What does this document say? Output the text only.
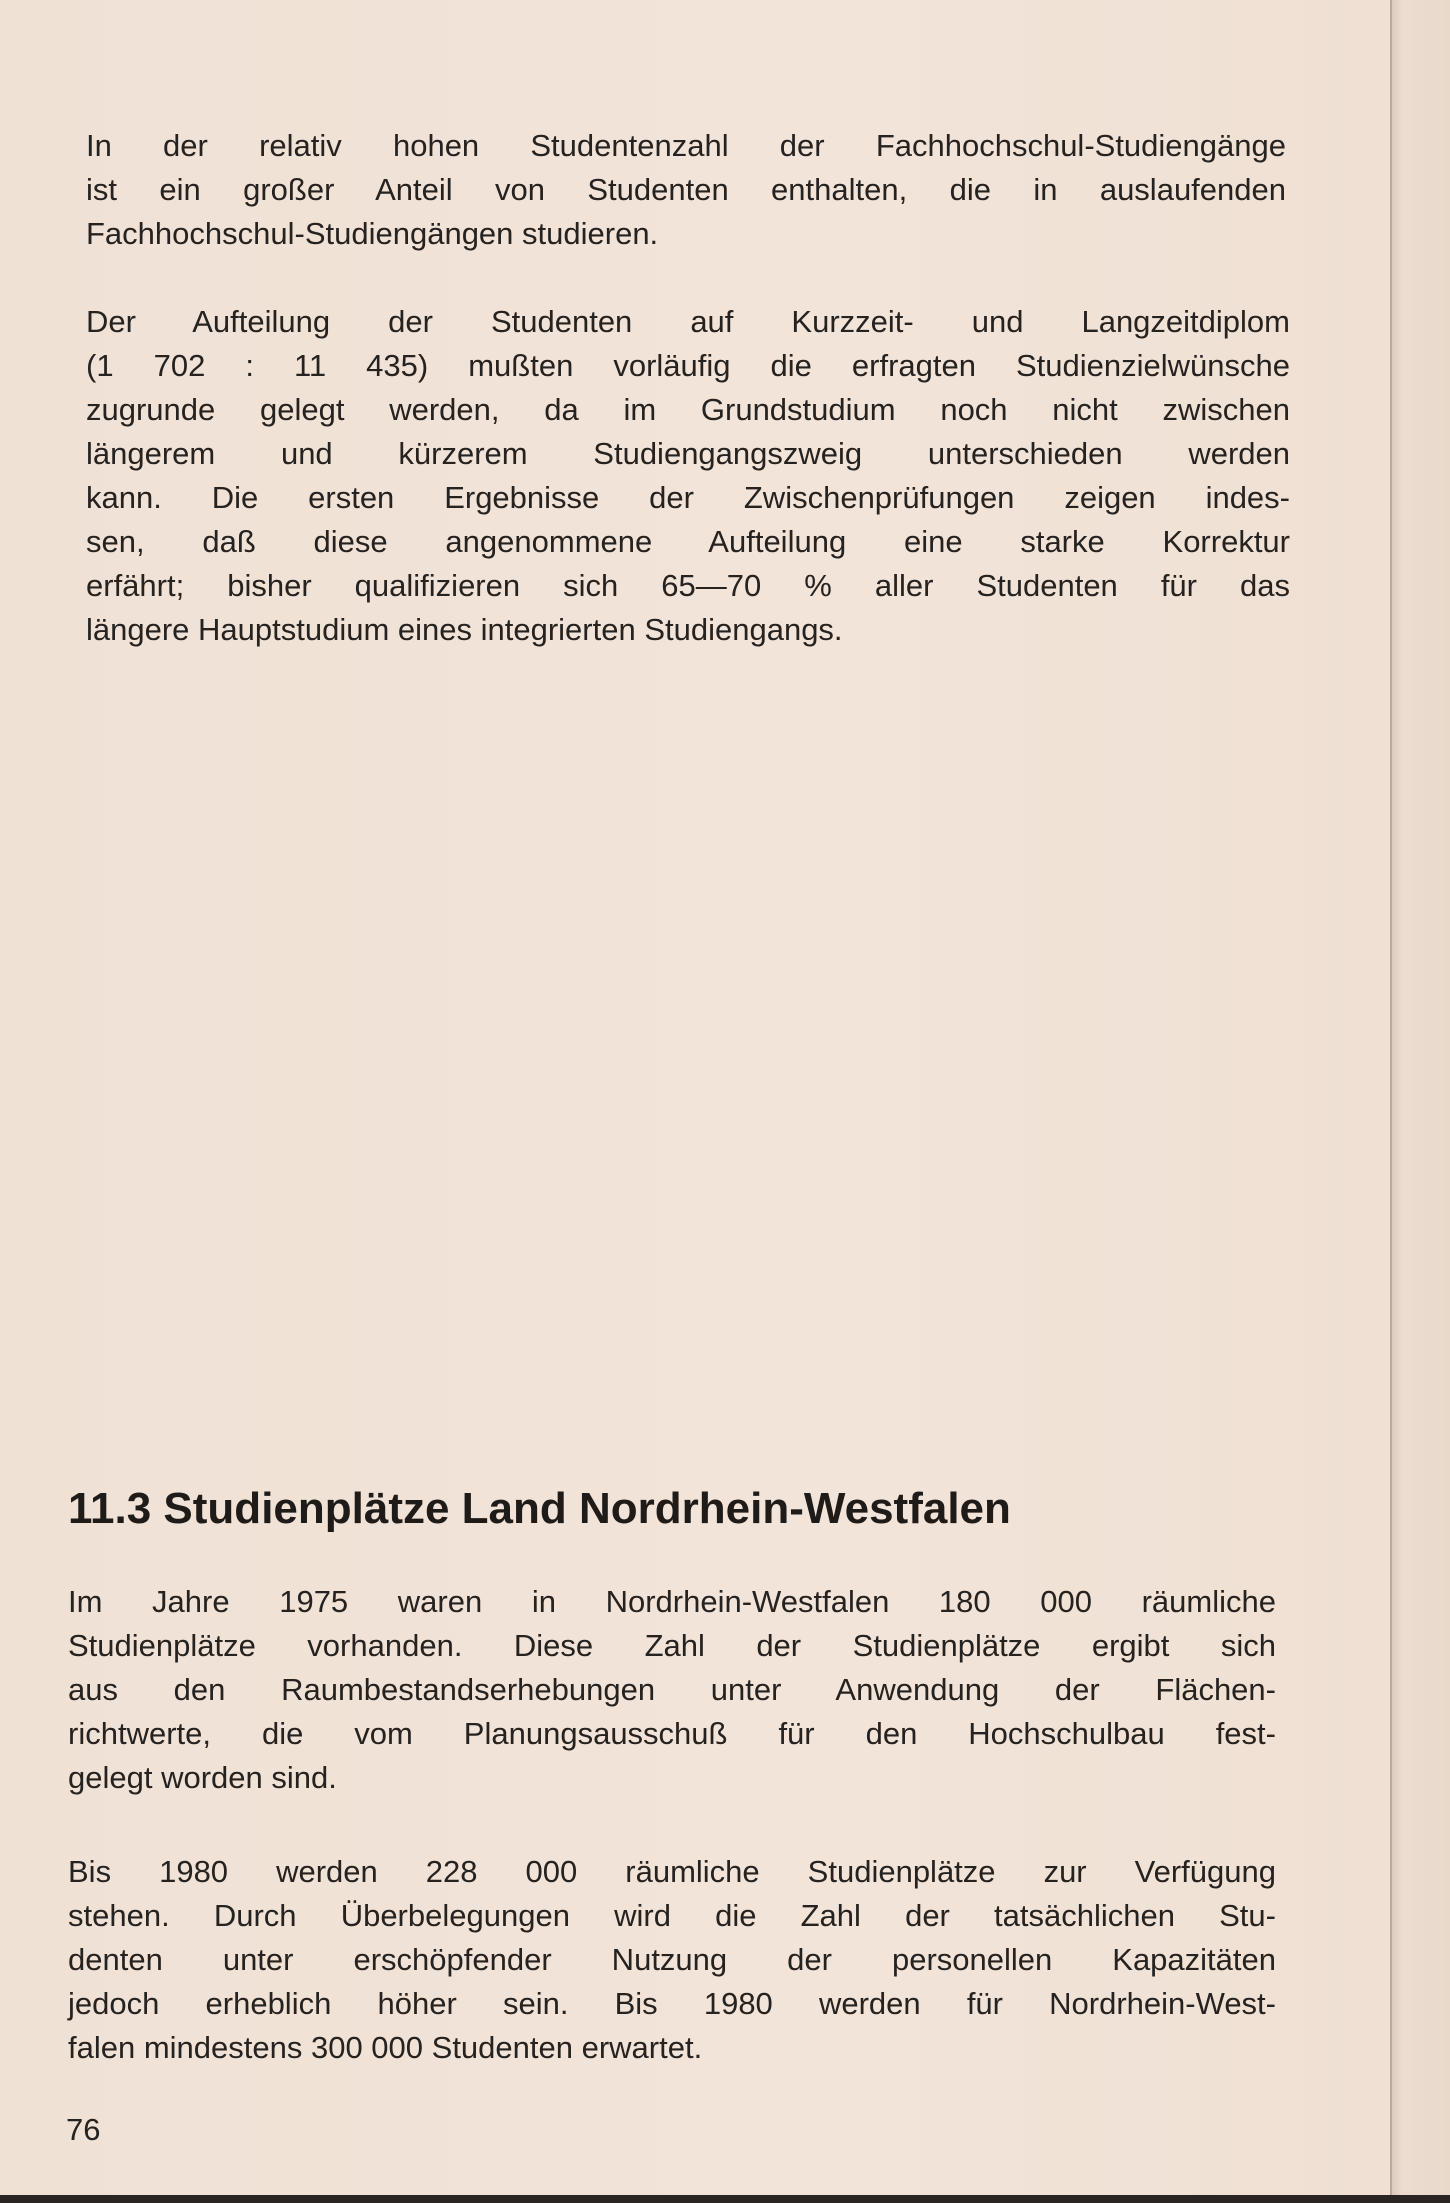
In der relativ hohen Studentenzahl der Fachhochschul-Studiengänge
ist ein großer Anteil von Studenten enthalten, die in auslaufenden
Fachhochschul-Studiengängen studieren.

Der Aufteilung der Studenten auf Kurzzeit- und Langzeitdiplom
(1 702 : 11 435) mußten vorläufig die erfragten Studienzielwünsche
zugrunde gelegt werden, da im Grundstudium noch nicht zwischen
längerem und kürzerem Studiengangszweig unterschieden werden
kann. Die ersten Ergebnisse der Zwischenprüfungen zeigen indes-
sen, daß diese angenommene Aufteilung eine starke Korrektur
erfährt; bisher qualifizieren sich 65—70 % aller Studenten für das
längere Hauptstudium eines integrierten Studiengangs.

11.3 Studienplätze Land Nordrhein-Westfalen

Im Jahre 1975 waren in Nordrhein-Westfalen 180 000 räumliche
Studienplätze vorhanden. Diese Zahl der Studienplätze ergibt sich
aus den Raumbestandserhebungen unter Anwendung der Flächen-
richtwerte, die vom Planungsausschuß für den Hochschulbau fest-
gelegt worden sind.

Bis 1980 werden 228 000 räumliche Studienplätze zur Verfügung
stehen. Durch Überbelegungen wird die Zahl der tatsächlichen Stu-
denten unter erschöpfender Nutzung der personellen Kapazitäten
jedoch erheblich höher sein. Bis 1980 werden für Nordrhein-West-
falen mindestens 300 000 Studenten erwartet.

76
